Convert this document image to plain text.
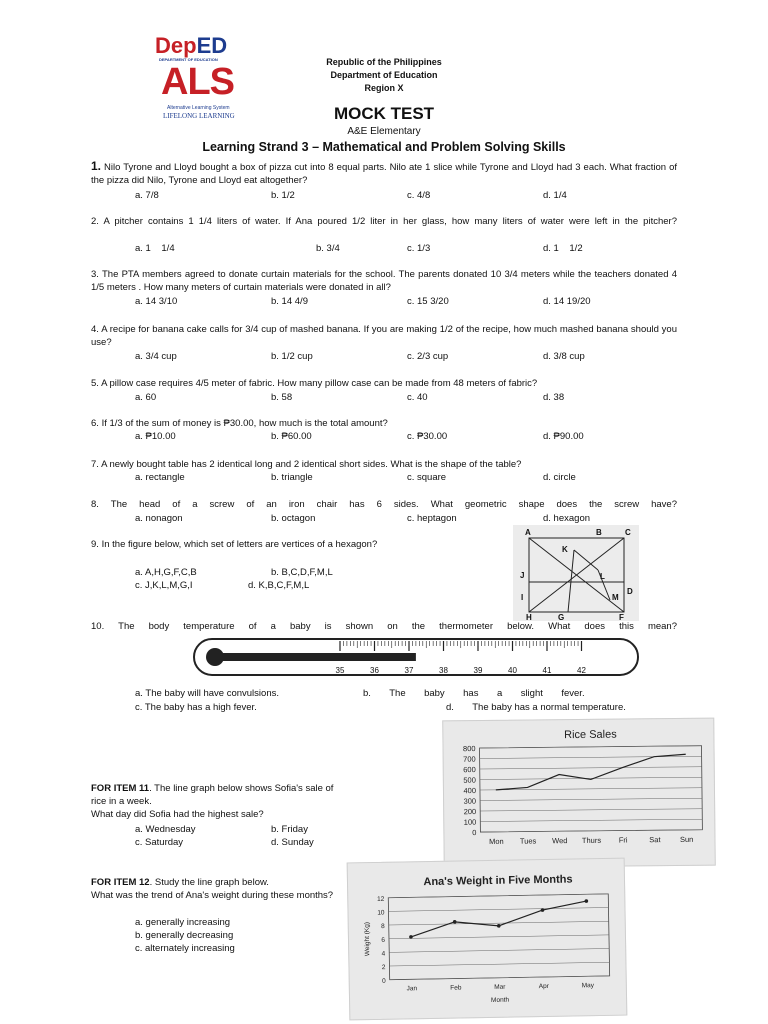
DepED
DEPARTMENT OF EDUCATION
ALS
Alternative Learning System
LIFELONG LEARNING
Republic of the Philippines
Department of Education
Region X
MOCK TEST
A&E Elementary
Learning Strand 3 – Mathematical and Problem Solving Skills
1. Nilo Tyrone and Lloyd bought a box of pizza cut into 8 equal parts. Nilo ate 1 slice while Tyrone and Lloyd had 3 each. What fraction of the pizza did Nilo, Tyrone and Lloyd eat altogether?
a. 7/8	b. 1/2	c. 4/8	d. 1/4
2. A pitcher contains 1 1/4 liters of water. If Ana poured 1/2 liter in her glass, how many liters of water were left in the pitcher?
a. 1    1/4	b. 3/4	c. 1/3	d. 1    1/2
3. The PTA members agreed to donate curtain materials for the school. The parents donated 10 3/4 meters while the teachers donated 4 1/5 meters . How many meters of curtain materials were donated in all?
a. 14 3/10	b. 14 4/9	c. 15 3/20	d. 14 19/20
4. A recipe for banana cake calls for 3/4 cup of mashed banana. If you are making 1/2 of the recipe, how much mashed banana should you use?
a. 3/4 cup	b. 1/2 cup	c. 2/3 cup	d. 3/8 cup
5. A pillow case requires 4/5 meter of fabric. How many pillow case can be made from 48 meters of fabric?
a. 60	b. 58	c. 40	d. 38
6. If 1/3 of the sum of money is ₱30.00, how much is the total amount?
a. ₱10.00	b. ₱60.00	c. ₱30.00	d. ₱90.00
7. A newly bought table has 2 identical long and 2 identical short sides. What is the shape of the table?
a. rectangle	b. triangle	c. square	d. circle
8. The head of a screw of an iron chair has 6 sides. What geometric shape does the screw have?
a. nonagon	b. octagon	c. heptagon	d. hexagon
9. In the figure below, which set of letters are vertices of a hexagon?
a. A,H,G,F,C,B	b. B,C,D,F,M,L
c. J,K,L,M,G,I	d. K,B,C,F,M,L
A	B	C
K
J	L
D
I	M
H	G	F
10. The body temperature of a baby is shown on the thermometer below. What does this mean?
35	36	37	38	39	40	41	42
a. The baby will have convulsions.	b.       The       baby       has       a       slight       fever.
c. The baby has a high fever.	d.       The baby has a normal temperature.
FOR ITEM 11. The line graph below shows Sofia's sale of rice in a week.
What day did Sofia had the highest sale?
a. Wednesday	b. Friday
c. Saturday	d. Sunday
Rice Sales
800
700
600
500
400
300
200
100
0
Mon Tues Wed Thurs Fri	Sat	Sun
FOR ITEM 12. Study the line graph below.
What was the trend of Ana's weight during these months?
a. generally increasing
b. generally decreasing
c. alternately increasing
Ana's Weight in Five Months
12
10
8
6
4
2
0
Jan	Feb	Mar	Apr	May
Month
Weight (Kg)
